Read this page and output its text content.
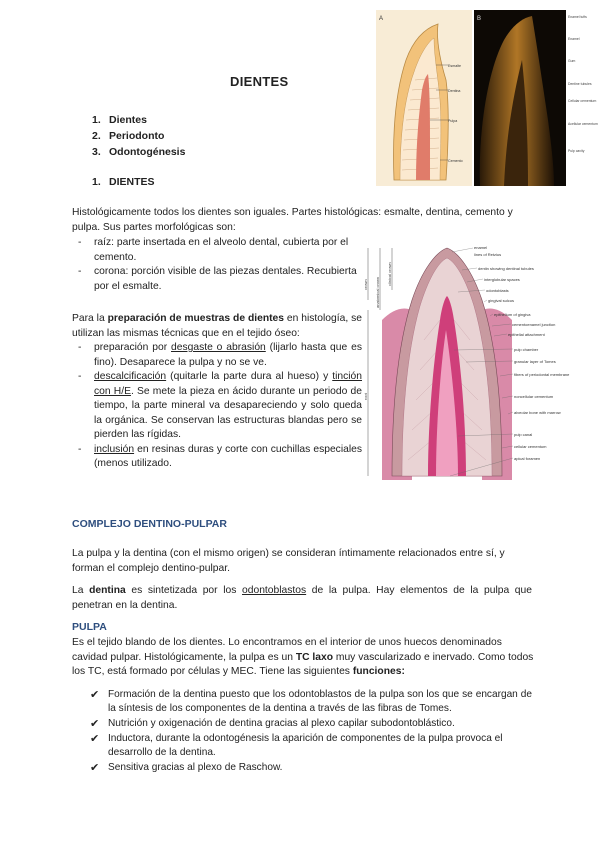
DIENTES
1. Dientes
2. Periodonto
3. Odontogénesis
1. DIENTES
A
Esmalte
Dentina
Pulpa
Cemento
B	Enamel tufts
Enamel
Gum
Dentine tubules
Cellular cementum
Acellular cementum
Pulp cavity

Histológicamente todos los dientes son iguales. Partes histológicas: esmalte, dentina, cemento y pulpa. Sus partes morfológicas son:

- raíz: parte insertada en el alveolo dental, cubierta por el cemento.
- corona: porción visible de las piezas dentales. Recubierta por el esmalte.

Para la preparación de muestras de dientes en histología, se utilizan las mismas técnicas que en el tejido óseo:

- preparación por desgaste o abrasión (lijarlo hasta que es fino). Desaparece la pulpa y no se ve.
- descalcificación (quitarle la parte dura al hueso) y tinción con H/E. Se mete la pieza en ácido durante un periodo de tiempo, la parte mineral va desapareciendo y solo queda la orgánica. Se conservan las estructuras blandas pero se pierden las rígidas.
- inclusión en resinas duras y corte con cuchillas especiales (menos utilizado.
crown anatomical crown
clinical crown
root
enamel
lines of Retzius
dentin showing dentinal tubules
interglobular spaces
odontoblasts
gingival sulcus
epithelium of gingiva
cementoenamel junction
epithelial attachment
pulp chamber
granular layer of Tomes
fibers of periodontal membrane
noncellular cementum
alveolar bone with marrow
pulp canal
cellular cementum
apical foramen
COMPLEJO DENTINO-PULPAR

La pulpa y la dentina (con el mismo origen) se consideran íntimamente relacionados entre sí, y forman el complejo dentino-pulpar.

La dentina es sintetizada por los odontoblastos de la pulpa. Hay elementos de la pulpa que penetran en la dentina.

PULPA

Es el tejido blando de los dientes. Lo encontramos en el interior de unos huecos denominados cavidad pulpar. Histológicamente, la pulpa es un TC laxo muy vascularizado e inervado. Como todos los TC, está formado por células y MEC. Tiene las siguientes funciones:

✔ Formación de la dentina puesto que los odontoblastos de la pulpa son los que se encargan de la síntesis de los componentes de la dentina a través de las fibras de Tomes.
✔ Nutrición y oxigenación de dentina gracias al plexo capilar subodontoblástico.
✔ Inductora, durante la odontogénesis la aparición de componentes de la pulpa provoca el desarrollo de la dentina.
✔ Sensitiva gracias al plexo de Raschow.
